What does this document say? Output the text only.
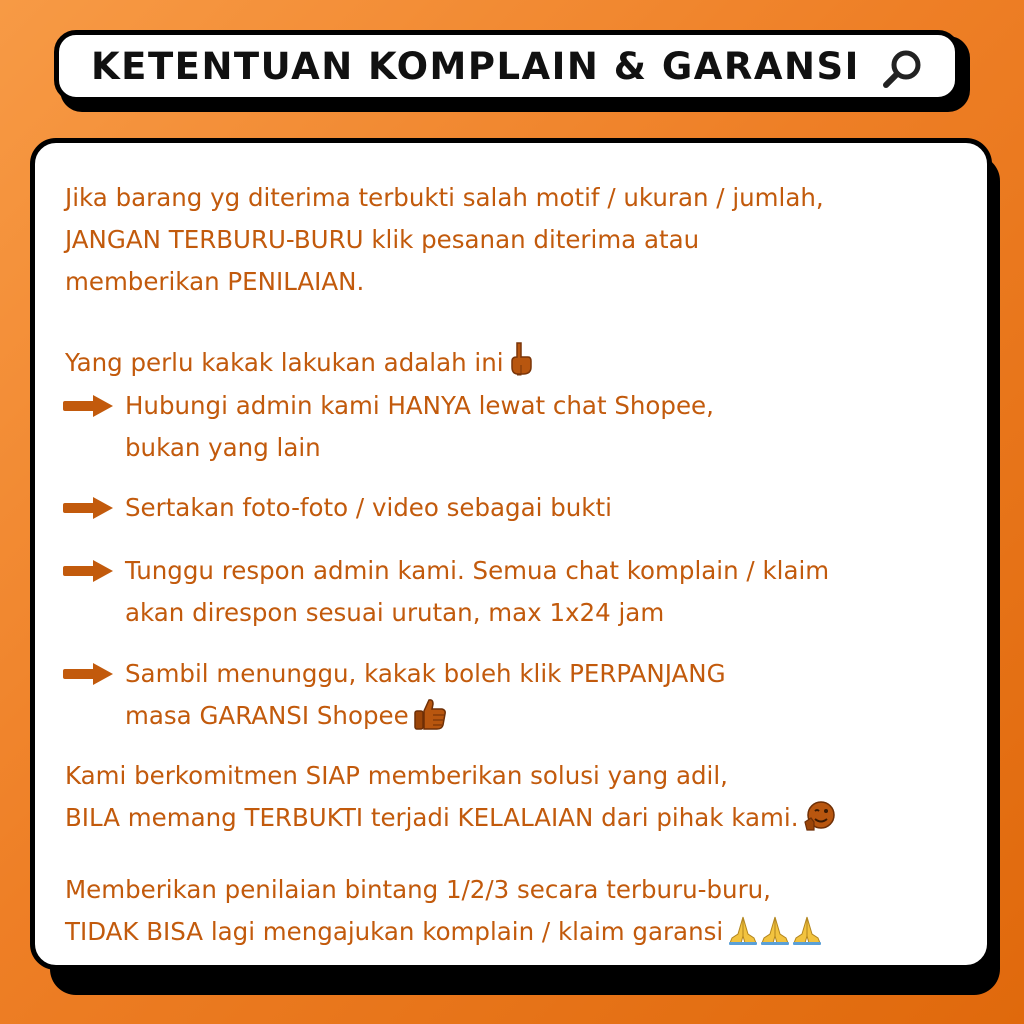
KETENTUAN KOMPLAIN & GARANSI

Jika barang yg diterima terbukti salah motif / ukuran / jumlah,

JANGAN TERBURU-BURU klik pesanan diterima atau

memberikan PENILAIAN.

Yang perlu kakak lakukan adalah ini

Hubungi admin kami HANYA lewat chat Shopee,

bukan yang lain

Sertakan foto-foto / video sebagai bukti

Tunggu respon admin kami. Semua chat komplain / klaim

akan direspon sesuai urutan, max 1x24 jam

Sambil menunggu, kakak boleh klik PERPANJANG

masa GARANSI Shopee

Kami berkomitmen SIAP memberikan solusi yang adil,

BILA memang TERBUKTI terjadi KELALAIAN dari pihak kami.

Memberikan penilaian bintang 1/2/3 secara terburu-buru,

TIDAK BISA lagi mengajukan komplain / klaim garansi
